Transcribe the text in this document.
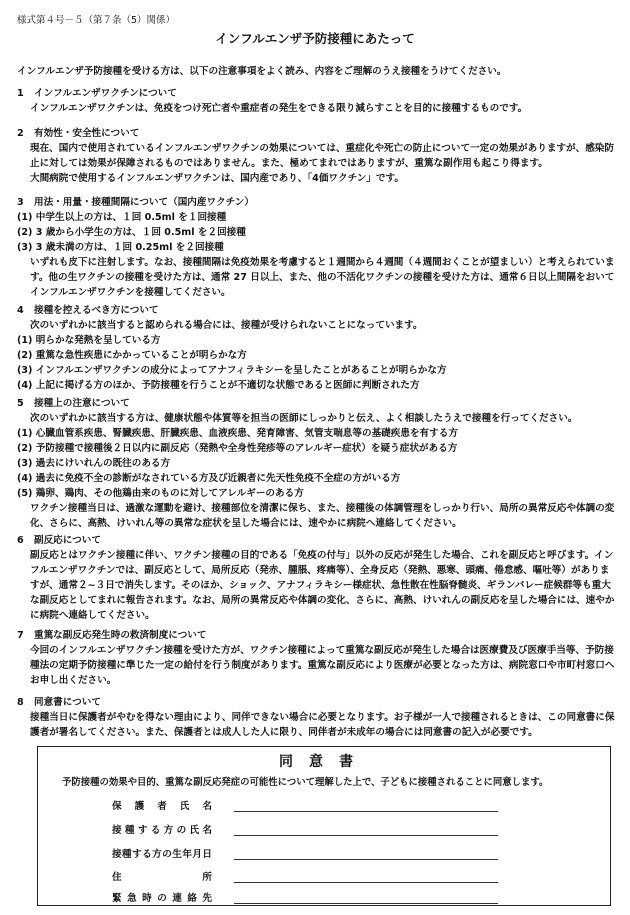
様式第４号－５（第７条（5）関係）
インフルエンザ予防接種にあたって
インフルエンザ予防接種を受ける方は、以下の注意事項をよく読み、内容をご理解のうえ接種をうけてください。
1 インフルエンザワクチンについて

インフルエンザワクチンは、免疫をつけ死亡者や重症者の発生をできる限り減らすことを目的に接種するものです。

2 有効性・安全性について

現在、国内で使用されているインフルエンザワクチンの効果については、重症化や死亡の防止について一定の効果がありますが、感染防止に対しては効果が保障されるものではありません。また、極めてまれではありますが、重篤な副作用も起こり得ます。

大間病院で使用するインフルエンザワクチンは、国内産であり、「4価ワクチン」です。

3 用法・用量・接種間隔について（国内産ワクチン）
(1) 中学生以上の方は、１回 0.5ml を１回接種
(2) 3 歳から小学生の方は、１回 0.5ml を２回接種
(3) 3 歳未満の方は、１回 0.25ml を２回接種

いずれも皮下に注射します。なお、接種間隔は免疫効果を考慮すると１週間から４週間（４週間おくことが望ましい）と考えられています。他の生ワクチンの接種を受けた方は、通常 27 日以上、また、他の不活化ワクチンの接種を受けた方は、通常６日以上間隔をおいてインフルエンザワクチンを接種してください。

4 接種を控えるべき方について

次のいずれかに該当すると認められる場合には、接種が受けられないことになっています。

(1) 明らかな発熱を呈している方
(2) 重篤な急性疾患にかかっていることが明らかな方
(3) インフルエンザワクチンの成分によってアナフィラキシーを呈したことがあることが明らかな方
(4) 上記に掲げる方のほか、予防接種を行うことが不適切な状態であると医師に判断された方
5 接種上の注意について

次のいずれかに該当する方は、健康状態や体質等を担当の医師にしっかりと伝え、よく相談したうえで接種を行ってください。

(1) 心臓血管系疾患、腎臓疾患、肝臓疾患、血液疾患、発育障害、気管支喘息等の基礎疾患を有する方
(2) 予防接種で接種後２日以内に副反応（発熱や全身性発疹等のアレルギー症状）を疑う症状がある方
(3) 過去にけいれんの既往のある方
(4) 過去に免疫不全の診断がなされている方及び近親者に先天性免疫不全症の方がいる方
(5) 鶏卵、鶏肉、その他鶏由来のものに対してアレルギーのある方

ワクチン接種当日は、過激な運動を避け、接種部位を清潔に保ち、また、接種後の体調管理をしっかり行い、局所の異常反応や体調の変化、さらに、高熱、けいれん等の異常な症状を呈した場合には、速やかに病院へ連絡してください。

6 副反応について

副反応とはワクチン接種に伴い、ワクチン接種の目的である「免疫の付与」以外の反応が発生した場合、これを副反応と呼びます。インフルエンザワクチンでは、副反応として、局所反応（発赤、腫脹、疼痛等）、全身反応（発熱、悪寒、頭痛、倦怠感、嘔吐等）がありますが、通常２~３日で消失します。そのほか、ショック、アナフィラキシー様症状、急性散在性脳脊髄炎、ギランバレー症候群等も重大な副反応としてまれに報告されます。なお、局所の異常反応や体調の変化、さらに、高熱、けいれんの副反応を呈した場合には、速やかに病院へ連絡してください。

7 重篤な副反応発生時の救済制度について

今回のインフルエンザワクチン接種を受けた方が、ワクチン接種によって重篤な副反応が発生した場合は医療費及び医療手当等、予防接種法の定期予防接種に準じた一定の給付を行う制度があります。重篤な副反応により医療が必要となった方は、病院窓口や市町村窓口へお申し出ください。

8 同意書について

接種当日に保護者がやむを得ない理由により、同伴できない場合に必要となります。お子様が一人で接種されるときは、この同意書に保護者が署名してください。また、保護者とは成人した人に限り、同伴者が未成年の場合には同意書の記入が必要です。

同意書
予防接種の効果や目的、重篤な副反応発症の可能性について理解した上で、子どもに接種されることに同意します。
保護者氏名
接種する方の氏名
接種する方の生年月日
住所
緊急時の連絡先
